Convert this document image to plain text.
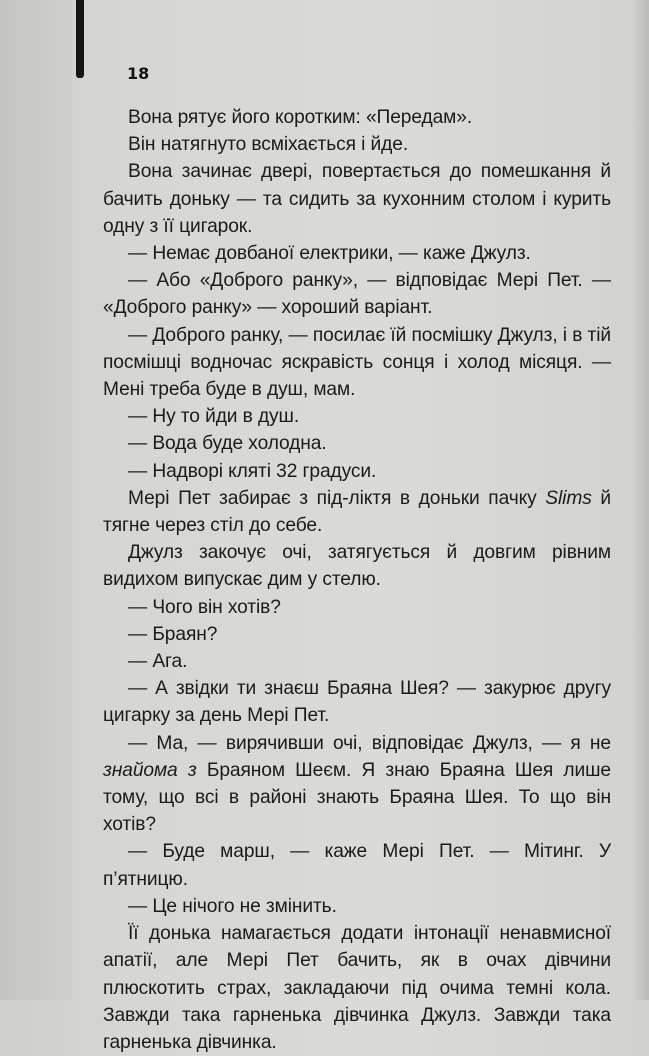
18

Вона рятує його коротким: «Передам».

Він натягнуто всміхається і йде.

Вона зачинає двері, повертається до помешкання й бачить доньку — та сидить за кухонним столом і курить одну з її цигарок.

— Немає довбаної електрики, — каже Джулз.

— Або «Доброго ранку», — відповідає Мері Пет. — «Доброго ранку» — хороший варіант.

— Доброго ранку, — посилає їй посмішку Джулз, і в тій посмішці водночас яскравість сонця і холод місяця. — Мені треба буде в душ, мам.

— Ну то йди в душ.

— Вода буде холодна.

— Надворі кляті 32 градуси.

Мері Пет забирає з під-ліктя в доньки пачку Slims й тягне через стіл до себе.

Джулз закочує очі, затягується й довгим рівним видихом випускає дим у стелю.

— Чого він хотів?

— Браян?

— Ага.

— А звідки ти знаєш Браяна Шея? — закурює другу цигарку за день Мері Пет.

— Ма, — вирячивши очі, відповідає Джулз, — я не знайома з Браяном Шеєм. Я знаю Браяна Шея лише тому, що всі в районі знають Браяна Шея. То що він хотів?

— Буде марш, — каже Мері Пет. — Мітинг. У п’ятницю.

— Це нічого не змінить.

Її донька намагається додати інтонації ненавмисної апатії, але Мері Пет бачить, як в очах дівчини плюскотить страх, закладаючи під очима темні кола. Завжди така гарненька дівчинка Джулз. Завжди така гарненька дівчинка.
